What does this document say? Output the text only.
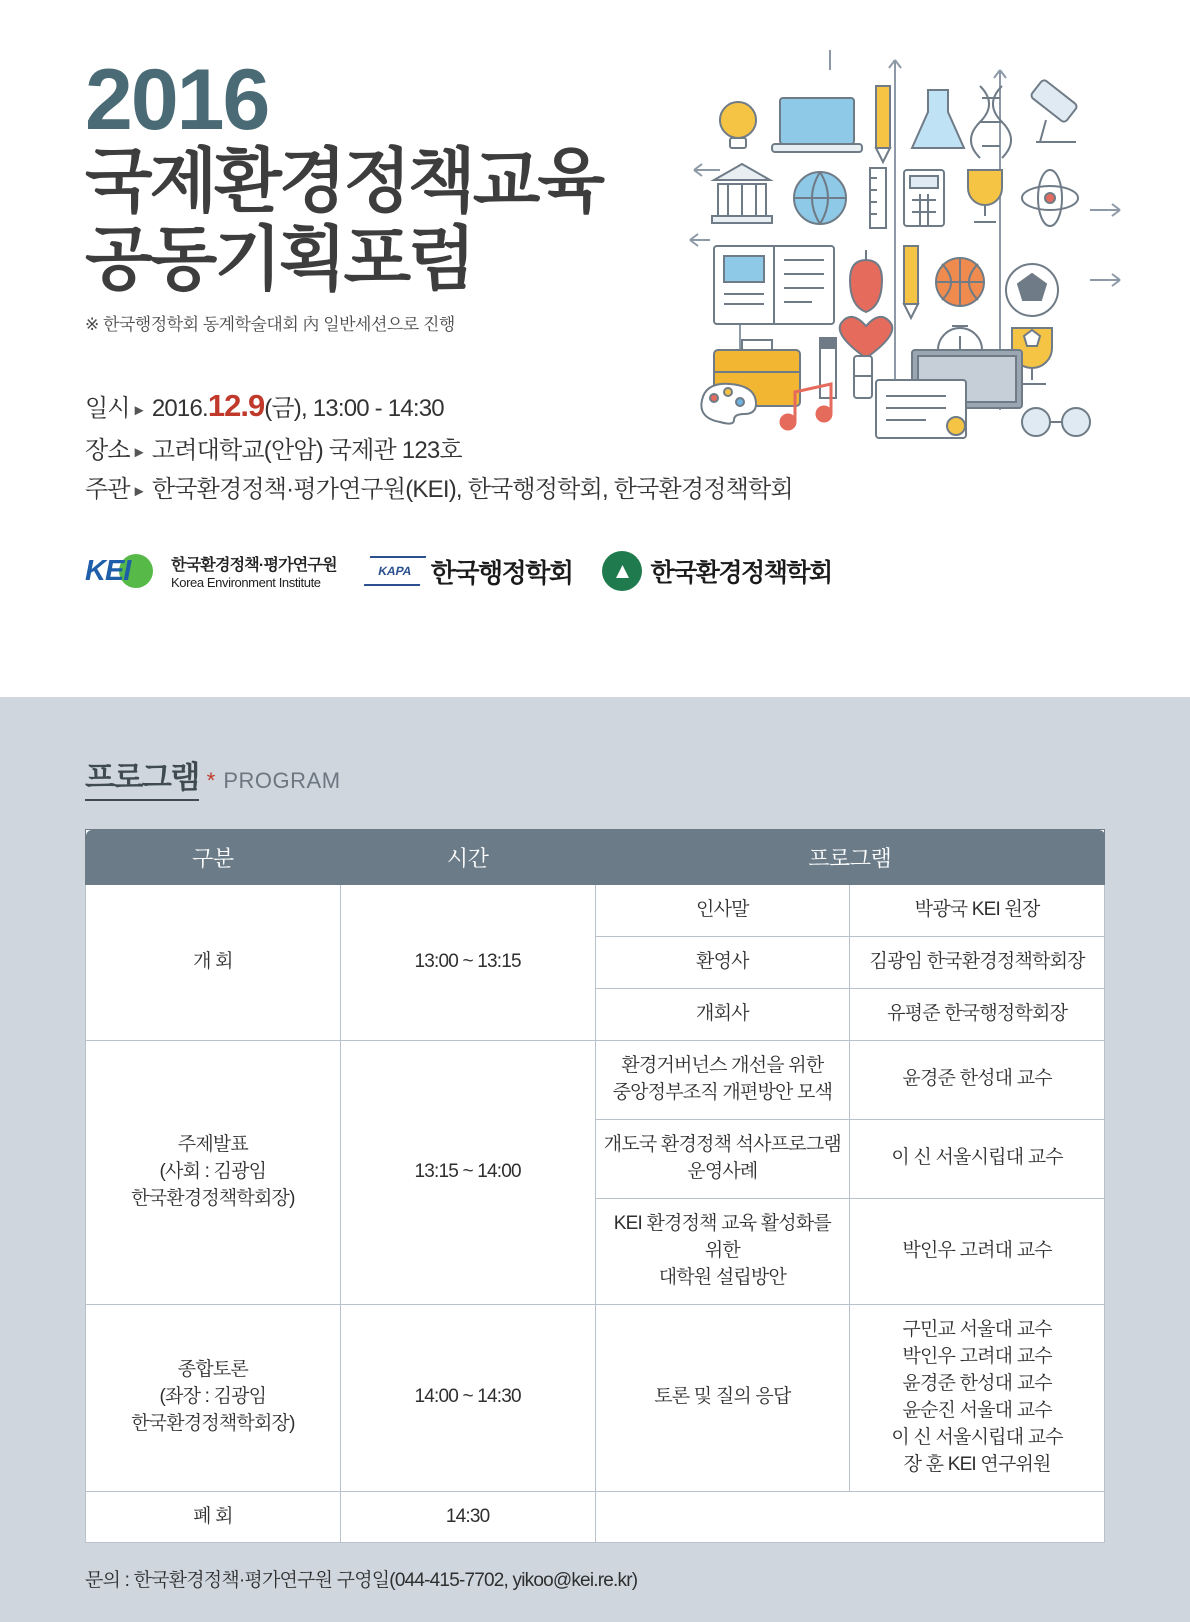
2016
국제환경정책교육
공동기획포럼
※ 한국행정학회 동계학술대회 內 일반세션으로 진행
일시 ► 2016.12.9(금), 13:00 - 14:30
장소 ► 고려대학교(안암) 국제관 123호
주관 ► 한국환경정책·평가연구원(KEI), 한국행정학회, 한국환경정책학회
KEI	한국환경정책·평가연구원
Korea Environment Institute
KAPA 한국행정학회	▲ 한국환경정책학회
프로그램 * PROGRAM
구분	시간	프로그램	
개 회	13:00 ~ 13:15	인사말	박광국 KEI 원장
		환영사	김광임 한국환경정책학회장
		개회사	유평준 한국행정학회장

주제발표
(사회 : 김광임
한국환경정책학회장)	13:15 ~ 14:00	환경거버넌스 개선을 위한
중앙정부조직 개편방안 모색	윤경준 한성대 교수

		개도국 환경정책 석사프로그램 운영사례	이 신 서울시립대 교수

		KEI 환경정책 교육 활성화를 위한
대학원 설립방안	박인우 고려대 교수

종합토론
(좌장 : 김광임
한국환경정책학회장)
	14:00 ~ 14:30	토론 및 질의 응답	
구민교 서울대 교수
박인우 고려대 교수
윤경준 한성대 교수
윤순진 서울대 교수
이 신 서울시립대 교수
장 훈 KEI 연구위원

폐 회	14:30		
문의 : 한국환경정책·평가연구원 구영일(044-415-7702, yikoo@kei.re.kr)
